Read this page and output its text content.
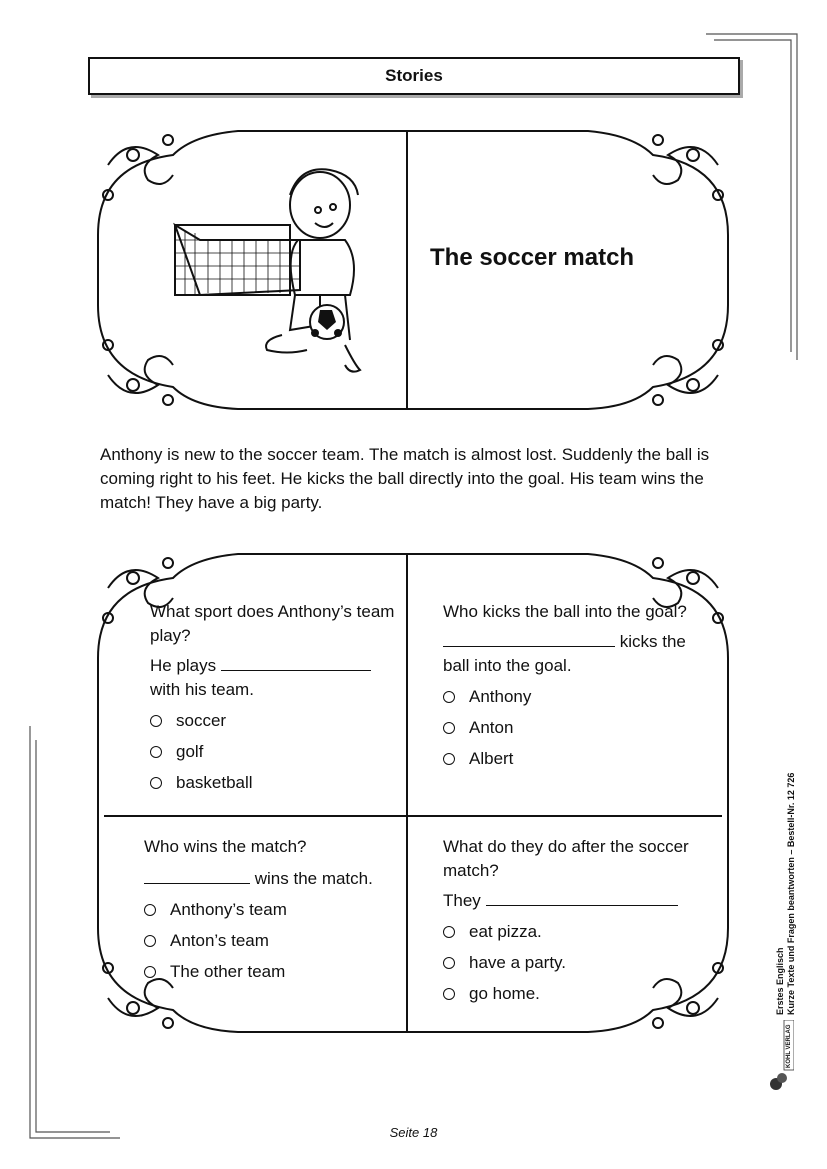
Stories
The soccer match
Anthony is new to the soccer team. The match is almost lost. Suddenly the ball is coming right to his feet. He kicks the ball directly into the goal. His team wins the match! They have a big party.

What sport does Anthony’s team play?

He plays
with his team.

soccer
golf
basketball

Who kicks the ball into the goal?

kicks the ball into the goal.

Anthony
Anton
Albert

Who wins the match?

wins the match.

Anthony’s team
Anton’s team
The other team

What do they do after the soccer match?

They

eat pizza.
have a party.
go home.	Erstes Englisch Kurze Texte und Fragen beantworten – Bestell-Nr. 12 726
KOHL VERLAG
Seite 18
